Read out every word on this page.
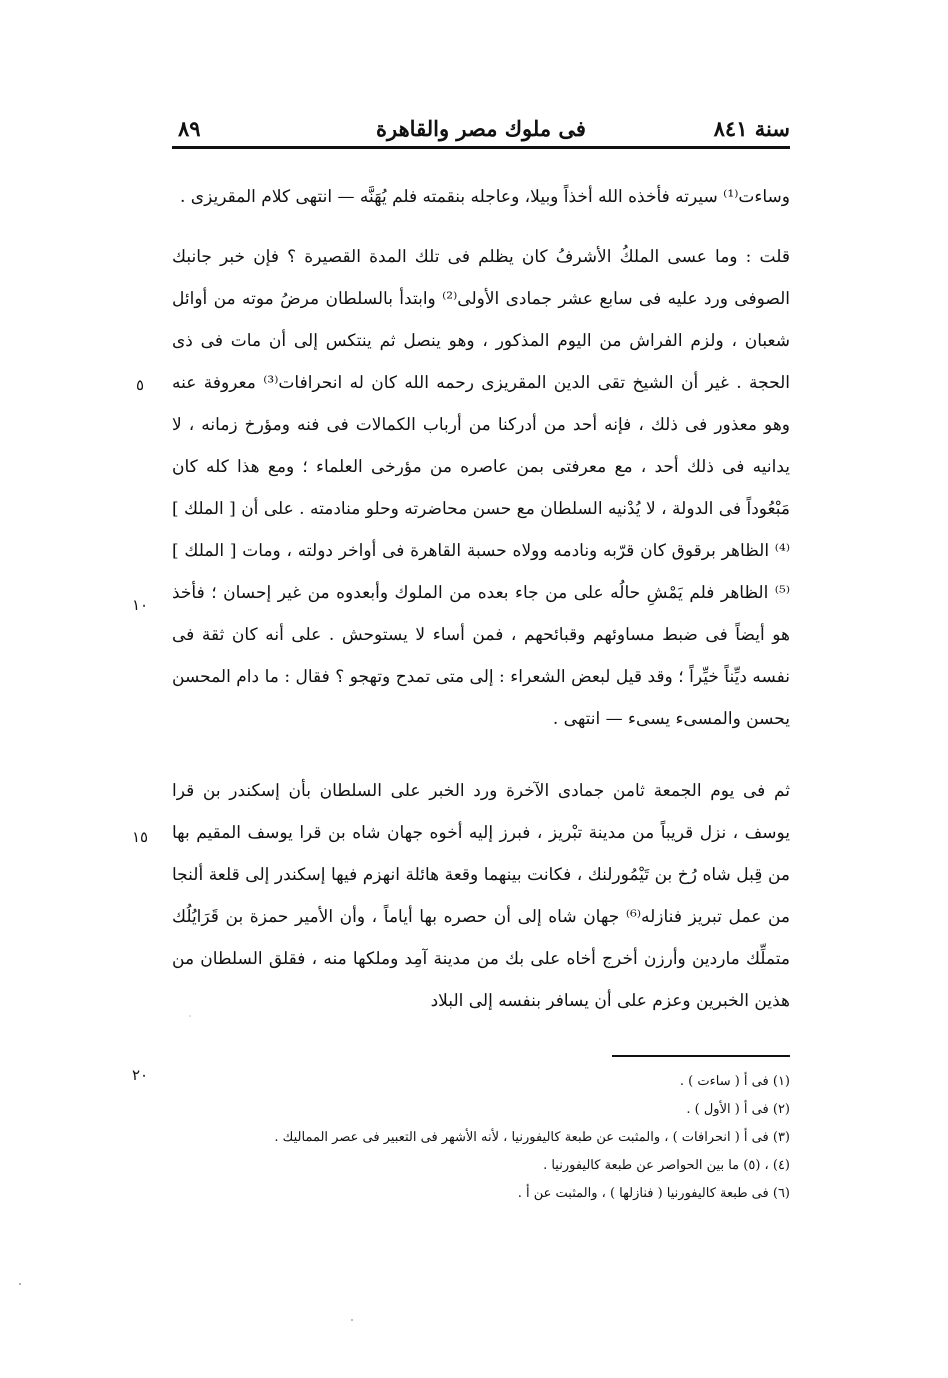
سنة ٨٤١
فى ملوك مصر والقاهرة
٨٩
وساءت⁽¹⁾ سيرته فأخذه الله أخذاً وبيلا، وعاجله بنقمته فلم يُهَنَّه — انتهى كلام المقريزى .
قلت : وما عسى الملكُ الأشرفُ كان يظلم فى تلك المدة القصيرة ؟ فإن خبر جانبك الصوفى ورد عليه فى سابع عشر جمادى الأولى⁽²⁾ وابتدأ بالسلطان مرضُ موته من أوائل شعبان ، ولزم الفراش من اليوم المذكور ، وهو ينصل ثم ينتكس إلى أن مات فى ذى الحجة . غير أن الشيخ تقى الدين المقريزى رحمه الله كان له انحرافات⁽³⁾ معروفة عنه وهو معذور فى ذلك ، فإنه أحد من أدركنا من أرباب الكمالات فى فنه ومؤرخ زمانه ، لا يدانيه فى ذلك أحد ، مع معرفتى بمن عاصره من مؤرخى العلماء ؛ ومع هذا كله كان مَبْعُوداً فى الدولة ، لا يُدْنيه السلطان مع حسن محاضرته وحلو منادمته . على أن [ الملك ]⁽⁴⁾ الظاهر برقوق كان قرّبه ونادمه وولاه حسبة القاهرة فى أواخر دولته ، ومات [ الملك ]⁽⁵⁾ الظاهر فلم يَمْشِ حالُه على من جاء بعده من الملوك وأبعدوه من غير إحسان ؛ فأخذ هو أيضاً فى ضبط مساوئهم وقبائحهم ، فمن أساء لا يستوحش . على أنه كان ثقة فى نفسه ديِّناً خيِّراً ؛ وقد قيل لبعض الشعراء : إلى متى تمدح وتهجو ؟ فقال : ما دام المحسن يحسن والمسىء يسىء — انتهى .
ثم فى يوم الجمعة ثامن جمادى الآخرة ورد الخبر على السلطان بأن إسكندر بن قرا يوسف ، نزل قريباً من مدينة تبْريز ، فبرز إليه أخوه جهان شاه بن قرا يوسف المقيم بها من قِبل شاه رُخ بن تَيْمُورلنك ، فكانت بينهما وقعة هائلة انهزم فيها إسكندر إلى قلعة ألنجا من عمل تبريز فنازله⁽⁶⁾ جهان شاه إلى أن حصره بها أياماً ، وأن الأمير حمزة بن قَرَايُلُك متملِّك ماردين وأرزن أخرج أخاه على بك من مدينة آمِد وملكها منه ، فقلق السلطان من هذين الخبرين وعزم على أن يسافر بنفسه إلى البلاد
٥
١٠
١٥
٢٠	(١) فى أ ( ساءت ) .
(٢) فى أ ( الأول ) .
(٣) فى أ ( انحرافات ) ، والمثبت عن طبعة كاليفورنيا ، لأنه الأشهر فى التعبير فى عصر المماليك .
(٤) ، (٥) ما بين الحواصر عن طبعة كاليفورنيا .
(٦) فى طبعة كاليفورنيا ( فنازلها ) ، والمثبت عن أ .
